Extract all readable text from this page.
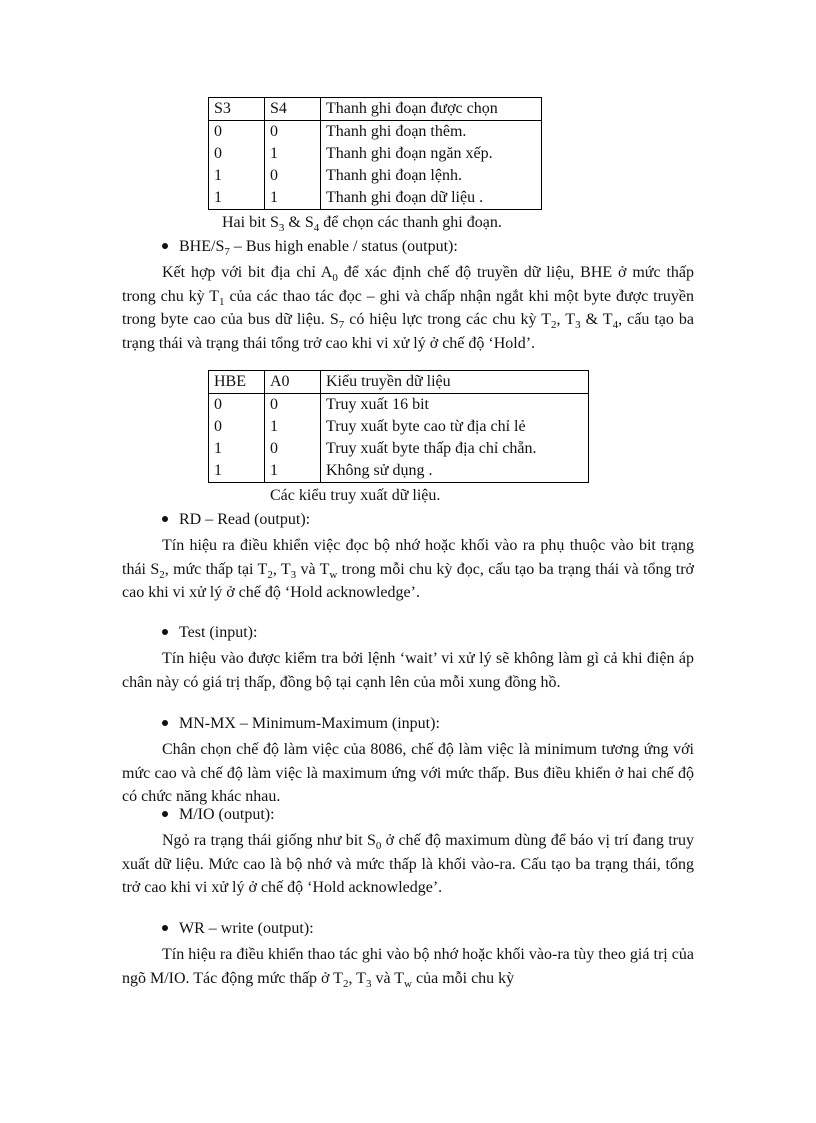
S3	S4	Thanh ghi đoạn được chọn
0	0	Thanh ghi đoạn thêm.
0	1	Thanh ghi đoạn ngăn xếp.
1	0	Thanh ghi đoạn lệnh.
1	1	Thanh ghi đoạn dữ liệu .
Hai bit $S_3$ & $S_4$ để chọn các thanh ghi đoạn.
BHE/$S_7$ – Bus high enable / status (output):
Kết hợp với bit địa chỉ $A_0$ để xác định chế độ truyền dữ liệu, BHE ở mức thấp trong chu kỳ $T_1$ của các thao tác đọc – ghi và chấp nhận ngắt khi một byte được truyền trong byte cao của bus dữ liệu. $S_7$ có hiệu lực trong các chu kỳ $T_2$, $T_3$ & $T_4$, cấu tạo ba trạng thái và trạng thái tổng trở cao khi vi xử lý ở chế độ ‘Hold’.
HBE	A0	Kiểu truyền dữ liệu
0	0	Truy xuất 16 bit
0	1	Truy xuất byte cao từ địa chỉ lẻ
1	0	Truy xuất byte thấp địa chỉ chẵn.
1	1	Không sử dụng .
Các kiểu truy xuất dữ liệu.
RD – Read (output):
Tín hiệu ra điều khiển việc đọc bộ nhớ hoặc khối vào ra phụ thuộc vào bit trạng thái $S_2$, mức thấp tại $T_2$, $T_3$ và $T_w$ trong mỗi chu kỳ đọc, cấu tạo ba trạng thái và tổng trở cao khi vi xử lý ở chế độ ‘Hold acknowledge’.
Test (input):
Tín hiệu vào được kiểm tra bởi lệnh ‘wait’ vi xử lý sẽ không làm gì cả khi điện áp chân này có giá trị thấp, đồng bộ tại cạnh lên của mỗi xung đồng hồ.
MN-MX – Minimum-Maximum (input):
Chân chọn chế độ làm việc của 8086, chế độ làm việc là minimum tương ứng với mức cao và chế độ làm việc là maximum ứng với mức thấp. Bus điều khiển ở hai chế độ có chức năng khác nhau.
M/IO (output):
Ngỏ ra trạng thái giống như bit $S_0$ ở chế độ maximum dùng để báo vị trí đang truy xuất dữ liệu. Mức cao là bộ nhớ và mức thấp là khối vào-ra. Cấu tạo ba trạng thái, tổng trở cao khi vi xử lý ở chế độ ‘Hold acknowledge’.
WR – write (output):
Tín hiệu ra điều khiển thao tác ghi vào bộ nhớ hoặc khối vào-ra tùy theo giá trị của ngõ M/IO. Tác động mức thấp ở $T_2$, $T_3$ và $T_w$ của mỗi chu kỳ
